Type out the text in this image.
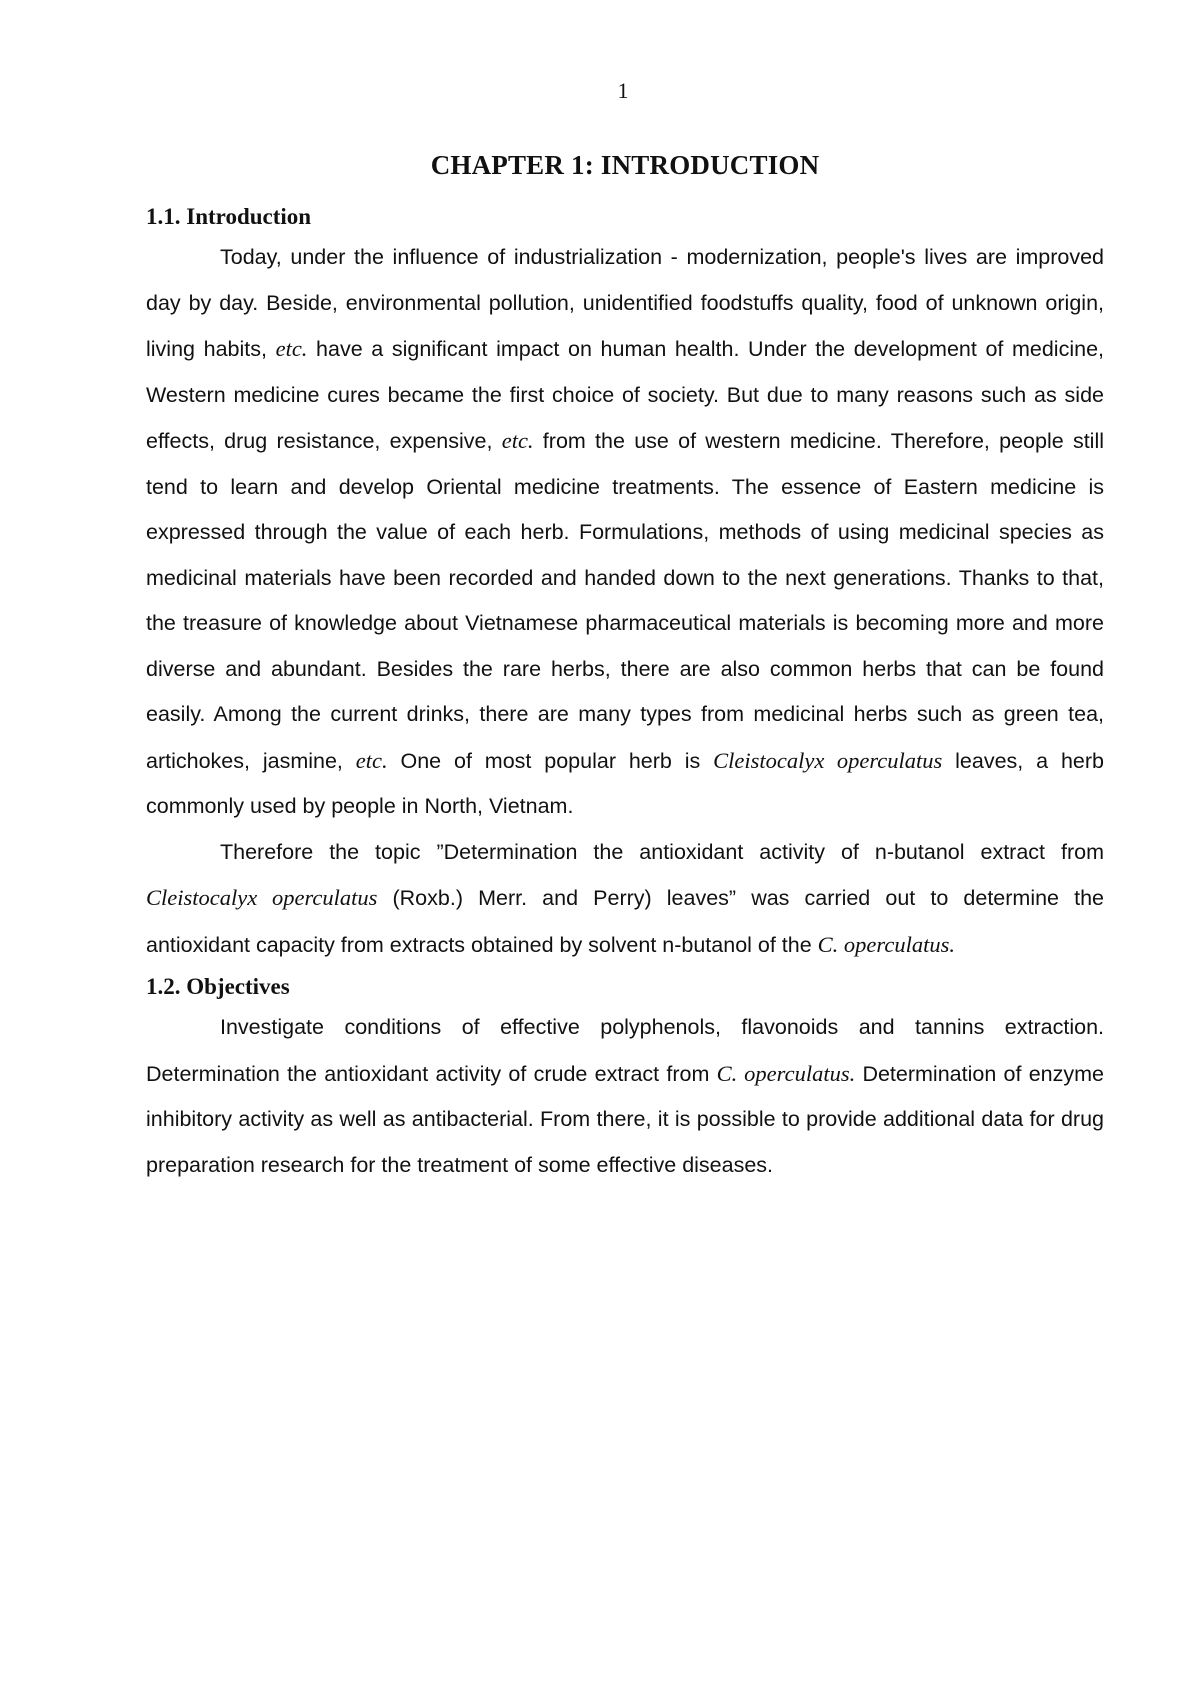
1
CHAPTER 1: INTRODUCTION
1.1. Introduction

Today, under the influence of industrialization - modernization, people's lives are improved day by day. Beside, environmental pollution, unidentified foodstuffs quality, food of unknown origin, living habits, etc. have a significant impact on human health. Under the development of medicine, Western medicine cures became the first choice of society. But due to many reasons such as side effects, drug resistance, expensive, etc. from the use of western medicine. Therefore, people still tend to learn and develop Oriental medicine treatments. The essence of Eastern medicine is expressed through the value of each herb. Formulations, methods of using medicinal species as medicinal materials have been recorded and handed down to the next generations. Thanks to that, the treasure of knowledge about Vietnamese pharmaceutical materials is becoming more and more diverse and abundant. Besides the rare herbs, there are also common herbs that can be found easily. Among the current drinks, there are many types from medicinal herbs such as green tea, artichokes, jasmine, etc. One of most popular herb is Cleistocalyx operculatus leaves, a herb commonly used by people in North, Vietnam.

Therefore the topic ”Determination the antioxidant activity of n-butanol extract from Cleistocalyx operculatus (Roxb.) Merr. and Perry) leaves” was carried out to determine the antioxidant capacity from extracts obtained by solvent n-butanol of the C. operculatus.

1.2. Objectives

Investigate conditions of effective polyphenols, flavonoids and tannins extraction. Determination the antioxidant activity of crude extract from C. operculatus. Determination of enzyme inhibitory activity as well as antibacterial. From there, it is possible to provide additional data for drug preparation research for the treatment of some effective diseases.
